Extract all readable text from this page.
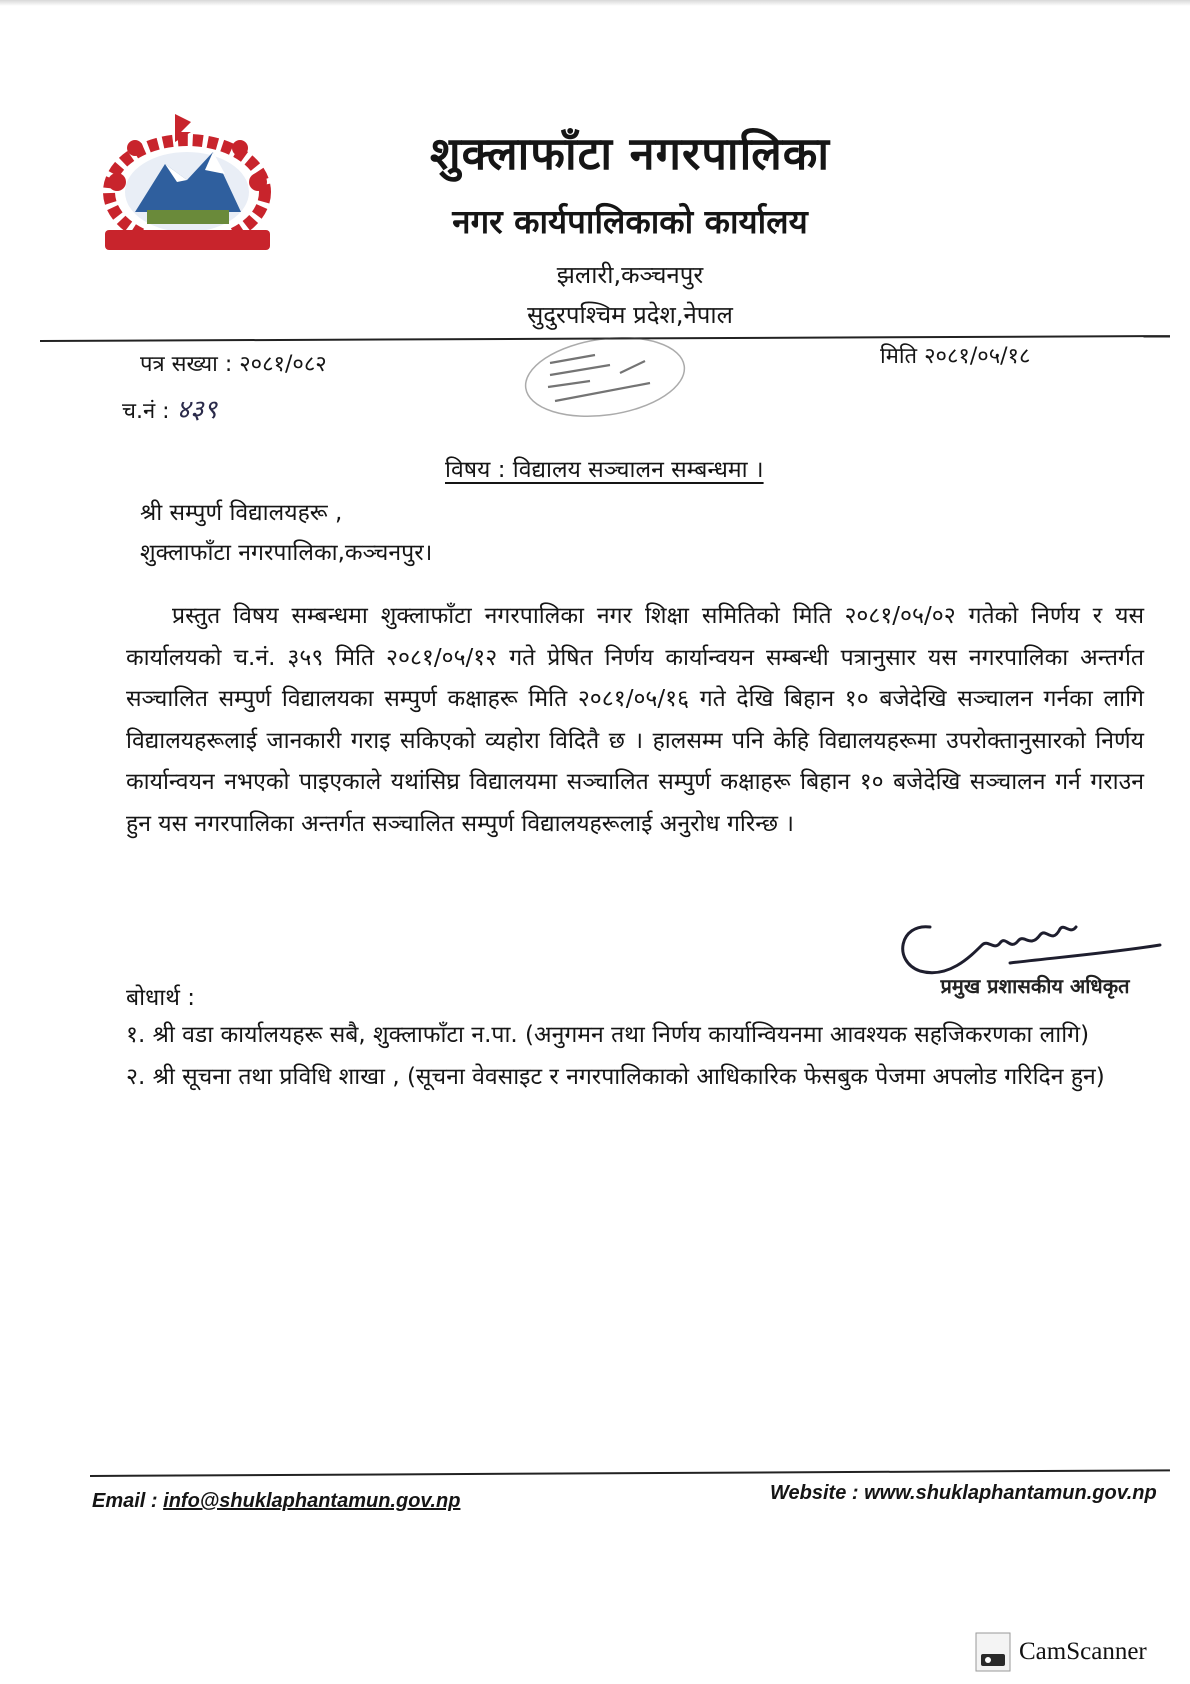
शुक्लाफाँटा नगरपालिका
नगर कार्यपालिकाको कार्यालय
झलारी,कञ्चनपुर
सुदुरपश्चिम प्रदेश,नेपाल
पत्र सख्या : २०८१/०८२
च.नं : ४३९
मिति २०८१/०५/१८
विषय : विद्यालय सञ्चालन सम्बन्धमा ।
श्री सम्पुर्ण विद्यालयहरू ,
शुक्लाफाँटा नगरपालिका,कञ्चनपुर।
प्रस्तुत विषय सम्बन्धमा शुक्लाफाँटा नगरपालिका नगर शिक्षा समितिको मिति २०८१/०५/०२ गतेको निर्णय र यस कार्यालयको च.नं. ३५९ मिति २०८१/०५/१२ गते प्रेषित निर्णय कार्यान्वयन सम्बन्धी पत्रानुसार यस नगरपालिका अन्तर्गत सञ्चालित सम्पुर्ण विद्यालयका सम्पुर्ण कक्षाहरू मिति २०८१/०५/१६ गते देखि बिहान १० बजेदेखि सञ्चालन गर्नका लागि विद्यालयहरूलाई जानकारी गराइ सकिएको व्यहोरा विदितै छ । हालसम्म पनि केहि विद्यालयहरूमा उपरोक्तानुसारको निर्णय कार्यान्वयन नभएको पाइएकाले यथांसिघ्र विद्यालयमा सञ्चालित सम्पुर्ण कक्षाहरू बिहान १० बजेदेखि सञ्चालन गर्न गराउन हुन यस नगरपालिका अन्तर्गत सञ्चालित सम्पुर्ण विद्यालयहरूलाई अनुरोध गरिन्छ ।
प्रमुख प्रशासकीय अधिकृत
बोधार्थ :
१. श्री वडा कार्यालयहरू सबै, शुक्लाफाँटा न.पा. (अनुगमन तथा निर्णय कार्यान्वियनमा आवश्यक सहजिकरणका लागि)
२. श्री सूचना तथा प्रविधि शाखा , (सूचना वेवसाइट र नगरपालिकाको आधिकारिक फेसबुक पेजमा अपलोड गरिदिन हुन)
Email : info@shuklaphantamun.gov.np	Website : www.shuklaphantamun.gov.np
CamScanner
